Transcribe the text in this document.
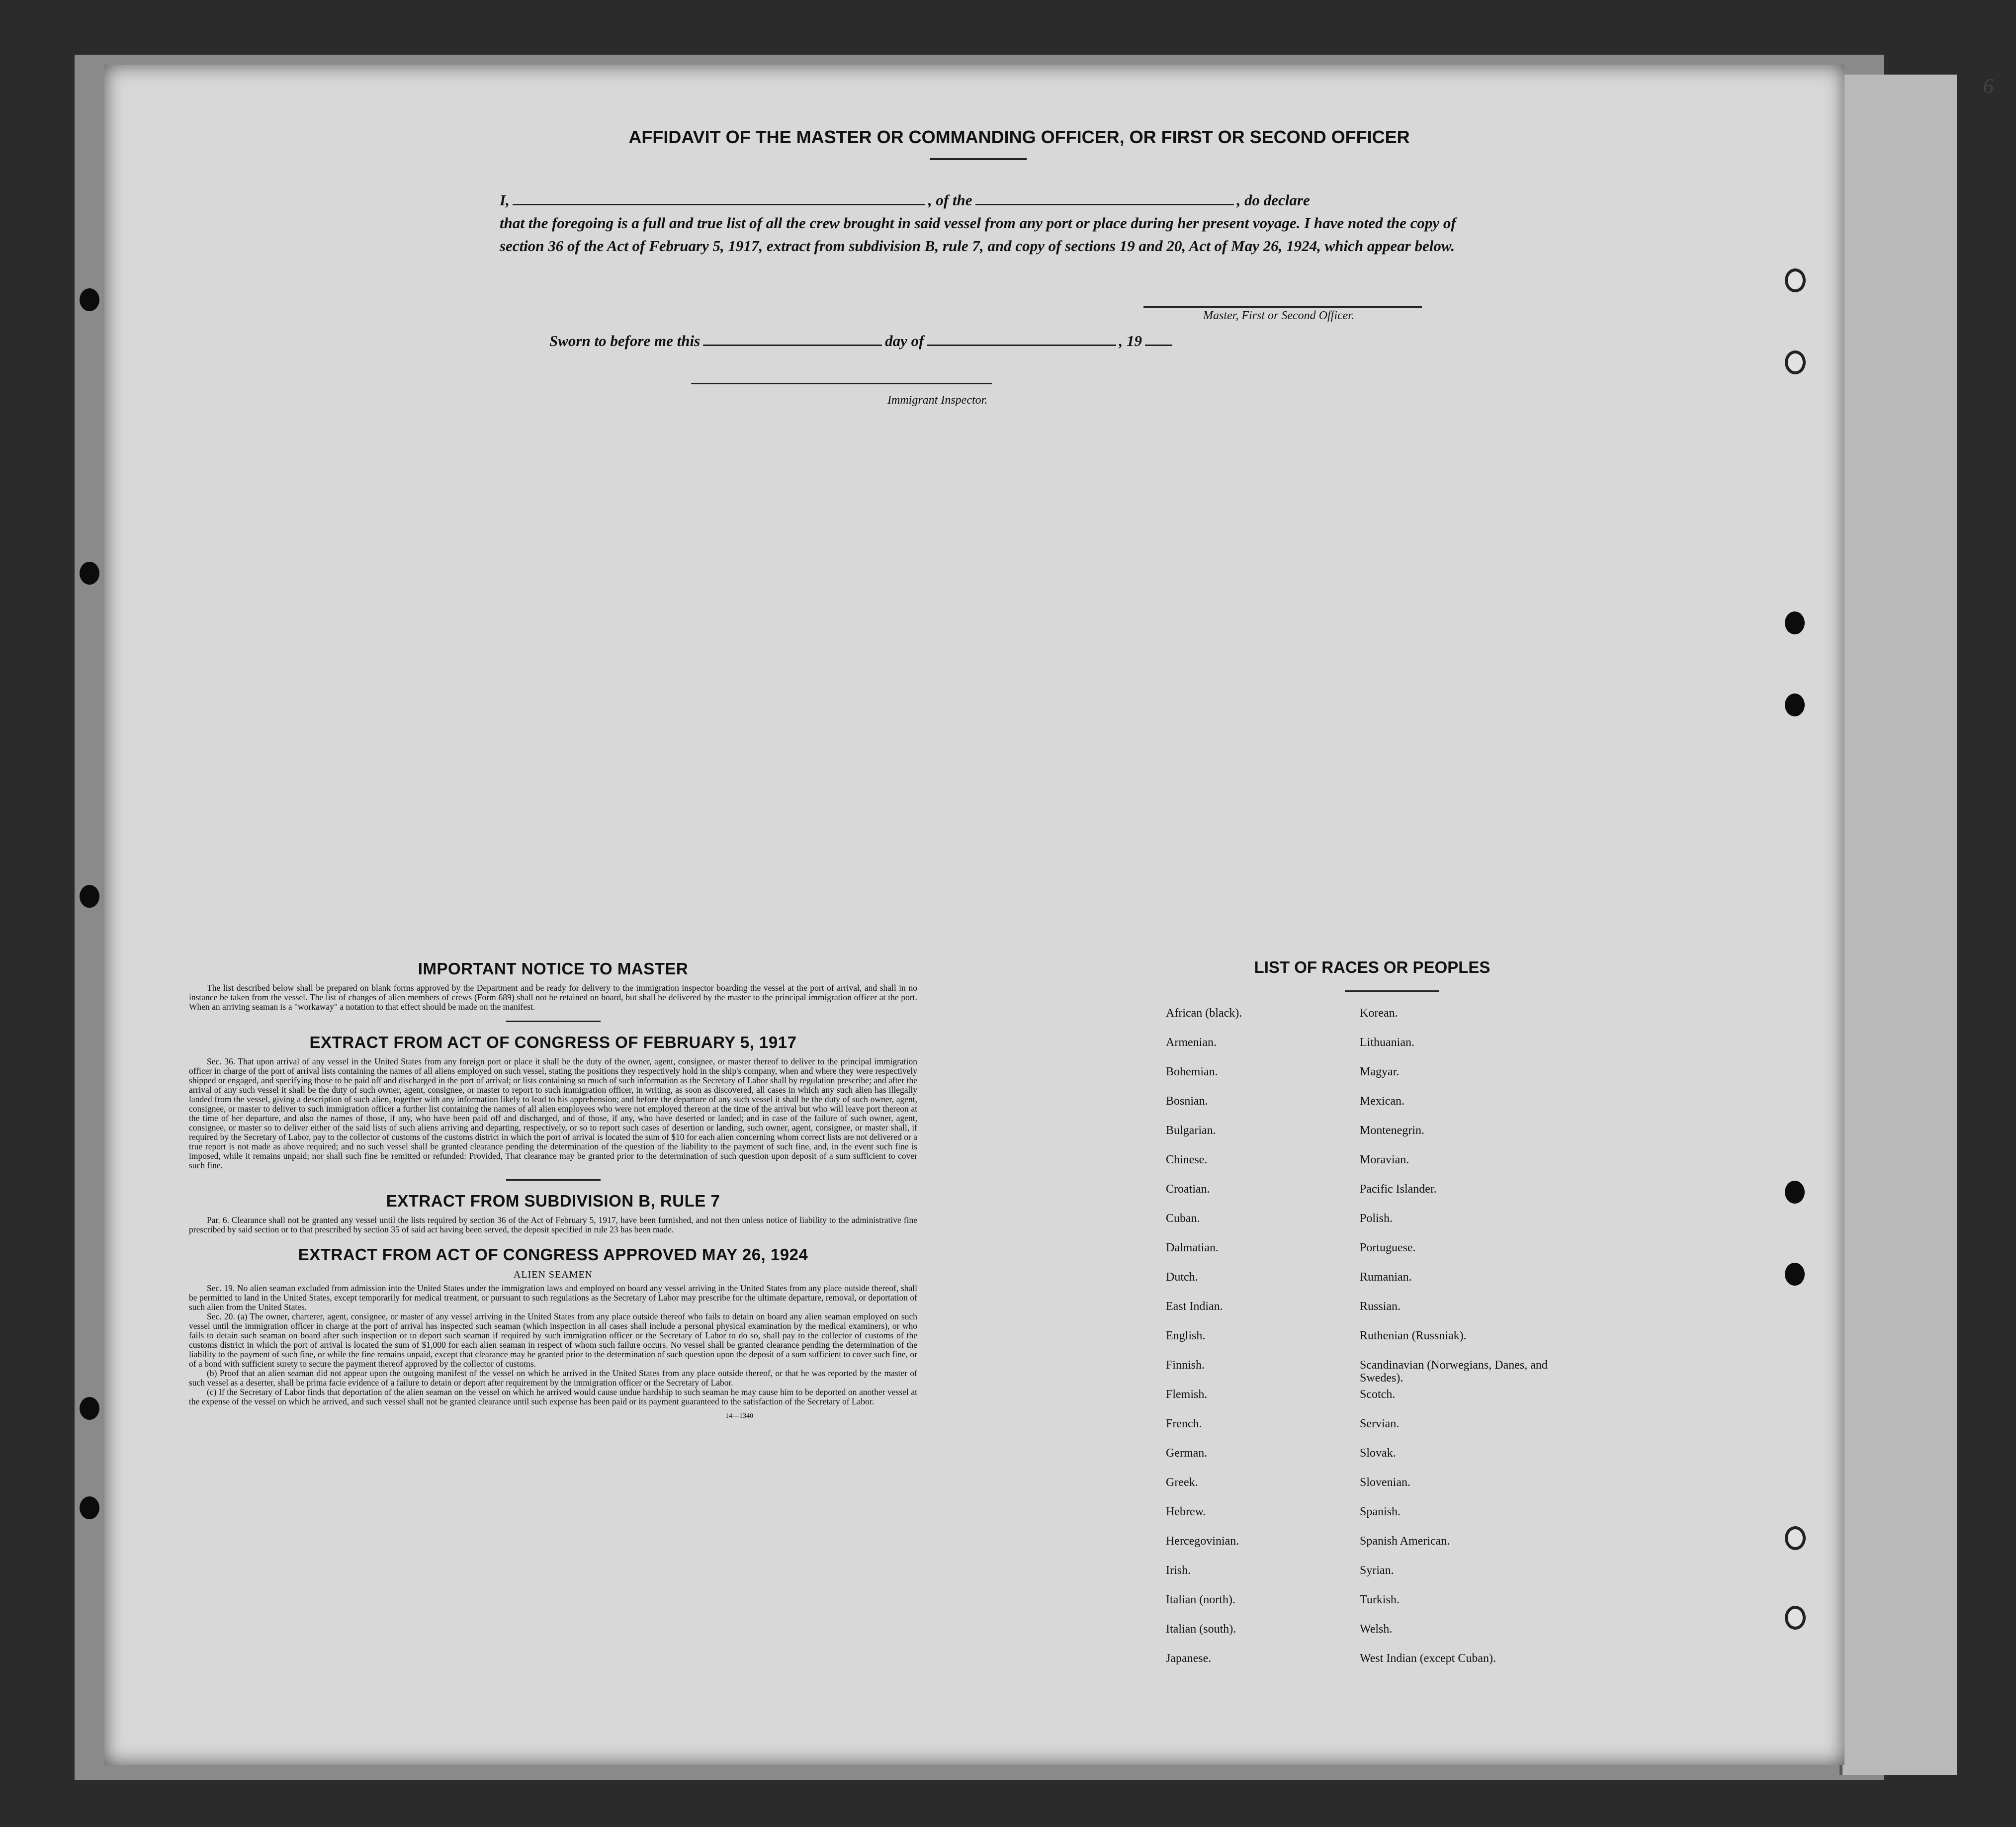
6
AFFIDAVIT OF THE MASTER OR COMMANDING OFFICER, OR FIRST OR SECOND OFFICER
I,	, of the	, do declare
that the foregoing is a full and true list of all the crew brought in said vessel from any port or place during her present voyage. I have noted the copy of section 36 of the Act of February 5, 1917, extract from subdivision B, rule 7, and copy of sections 19 and 20, Act of May 26, 1924, which appear below.
Master, First or Second Officer.
Sworn to before me this	day of	, 19
Immigrant Inspector.
IMPORTANT NOTICE TO MASTER

The list described below shall be prepared on blank forms approved by the Department and be ready for delivery to the immigration inspector boarding the vessel at the port of arrival, and shall in no instance be taken from the vessel. The list of changes of alien members of crews (Form 689) shall not be retained on board, but shall be delivered by the master to the principal immigration officer at the port. When an arriving seaman is a "workaway" a notation to that effect should be made on the manifest.

EXTRACT FROM ACT OF CONGRESS OF FEBRUARY 5, 1917

Sec. 36. That upon arrival of any vessel in the United States from any foreign port or place it shall be the duty of the owner, agent, consignee, or master thereof to deliver to the principal immigration officer in charge of the port of arrival lists containing the names of all aliens employed on such vessel, stating the positions they respectively hold in the ship's company, when and where they were respectively shipped or engaged, and specifying those to be paid off and discharged in the port of arrival; or lists containing so much of such information as the Secretary of Labor shall by regulation prescribe; and after the arrival of any such vessel it shall be the duty of such owner, agent, consignee, or master to report to such immigration officer, in writing, as soon as discovered, all cases in which any such alien has illegally landed from the vessel, giving a description of such alien, together with any information likely to lead to his apprehension; and before the departure of any such vessel it shall be the duty of such owner, agent, consignee, or master to deliver to such immigration officer a further list containing the names of all alien employees who were not employed thereon at the time of the arrival but who will leave port thereon at the time of her departure, and also the names of those, if any, who have been paid off and discharged, and of those, if any, who have deserted or landed; and in case of the failure of such owner, agent, consignee, or master so to deliver either of the said lists of such aliens arriving and departing, respectively, or so to report such cases of desertion or landing, such owner, agent, consignee, or master shall, if required by the Secretary of Labor, pay to the collector of customs of the customs district in which the port of arrival is located the sum of $10 for each alien concerning whom correct lists are not delivered or a true report is not made as above required; and no such vessel shall be granted clearance pending the determination of the question of the liability to the payment of such fine, and, in the event such fine is imposed, while it remains unpaid; nor shall such fine be remitted or refunded: Provided, That clearance may be granted prior to the determination of such question upon deposit of a sum sufficient to cover such fine.

EXTRACT FROM SUBDIVISION B, RULE 7

Par. 6. Clearance shall not be granted any vessel until the lists required by section 36 of the Act of February 5, 1917, have been furnished, and not then unless notice of liability to the administrative fine prescribed by said section or to that prescribed by section 35 of said act having been served, the deposit specified in rule 23 has been made.

EXTRACT FROM ACT OF CONGRESS APPROVED MAY 26, 1924
ALIEN SEAMEN

Sec. 19. No alien seaman excluded from admission into the United States under the immigration laws and employed on board any vessel arriving in the United States from any place outside thereof, shall be permitted to land in the United States, except temporarily for medical treatment, or pursuant to such regulations as the Secretary of Labor may prescribe for the ultimate departure, removal, or deportation of such alien from the United States.

Sec. 20. (a) The owner, charterer, agent, consignee, or master of any vessel arriving in the United States from any place outside thereof who fails to detain on board any alien seaman employed on such vessel until the immigration officer in charge at the port of arrival has inspected such seaman (which inspection in all cases shall include a personal physical examination by the medical examiners), or who fails to detain such seaman on board after such inspection or to deport such seaman if required by such immigration officer or the Secretary of Labor to do so, shall pay to the collector of customs of the customs district in which the port of arrival is located the sum of $1,000 for each alien seaman in respect of whom such failure occurs. No vessel shall be granted clearance pending the determination of the liability to the payment of such fine, or while the fine remains unpaid, except that clearance may be granted prior to the determination of such question upon the deposit of a sum sufficient to cover such fine, or of a bond with sufficient surety to secure the payment thereof approved by the collector of customs.

(b) Proof that an alien seaman did not appear upon the outgoing manifest of the vessel on which he arrived in the United States from any place outside thereof, or that he was reported by the master of such vessel as a deserter, shall be prima facie evidence of a failure to detain or deport after requirement by the immigration officer or the Secretary of Labor.

(c) If the Secretary of Labor finds that deportation of the alien seaman on the vessel on which he arrived would cause undue hardship to such seaman he may cause him to be deported on another vessel at the expense of the vessel on which he arrived, and such vessel shall not be granted clearance until such expense has been paid or its payment guaranteed to the satisfaction of the Secretary of Labor.

14—1340
LIST OF RACES OR PEOPLES
African (black).	Korean.
Armenian.	Lithuanian.
Bohemian.	Magyar.
Bosnian.	Mexican.
Bulgarian.	Montenegrin.
Chinese.	Moravian.
Croatian.	Pacific Islander.
Cuban.	Polish.
Dalmatian.	Portuguese.
Dutch.	Rumanian.
East Indian.	Russian.
English.	Ruthenian (Russniak).
Finnish.	Scandinavian (Norwegians, Danes, and Swedes).
Flemish.	Scotch.
French.	Servian.
German.	Slovak.
Greek.	Slovenian.
Hebrew.	Spanish.
Hercegovinian.	Spanish American.
Irish.	Syrian.
Italian (north).	Turkish.
Italian (south).	Welsh.
Japanese.	West Indian (except Cuban).
